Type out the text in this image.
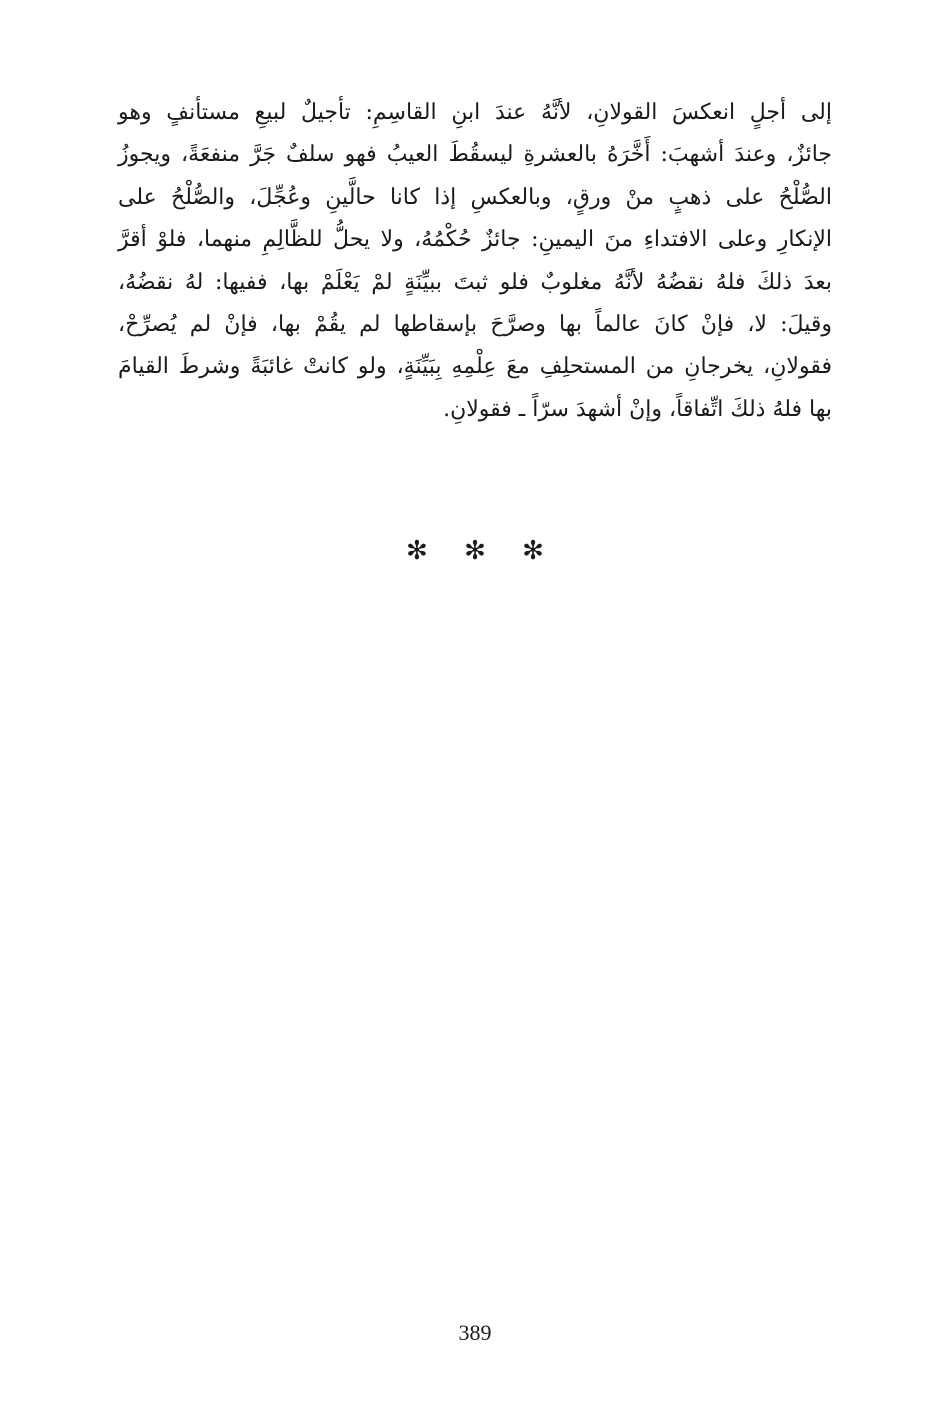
إلى أجلٍ انعكسَ القولانِ، لأنَّهُ عندَ ابنِ القاسِمِ: تأجيلٌ لبيعِ مستأنفٍ وهو
جائزٌ، وعندَ أشهبَ: أَخَّرَهُ بالعشرةِ ليسقُطَ العيبُ فهو سلفٌ جَرَّ منفعَةً، ويجوزُ
الصُّلْحُ على ذهبٍ منْ ورقٍ، وبالعكسِ إذا كانا حالَّينِ وعُجِّلَ، والصُّلْحُ على
الإنكارِ وعلى الافتداءِ منَ اليمينِ: جائزٌ حُكْمُهُ، ولا يحلُّ للظَّالِمِ منهما، فلوْ أقرَّ
بعدَ ذلكَ فلهُ نقضُهُ لأنَّهُ مغلوبٌ فلو ثبتَ ببيِّنَةٍ لمْ يَعْلَمْ بها، ففيها: لهُ نقضُهُ،
وقيلَ: لا، فإنْ كانَ عالماً بها وصرَّحَ بإسقاطها لم يقُمْ بها، فإنْ لم يُصرِّحْ،
فقولانِ، يخرجانِ من المستحلِفِ معَ عِلْمِهِ بِبَيِّنَةٍ، ولو كانتْ غائبَةً وشرطَ القيامَ
بها فلهُ ذلكَ اتِّفاقاً، وإنْ أشهدَ سرّاً ـ فقولانِ.
✻ ✻ ✻
389
